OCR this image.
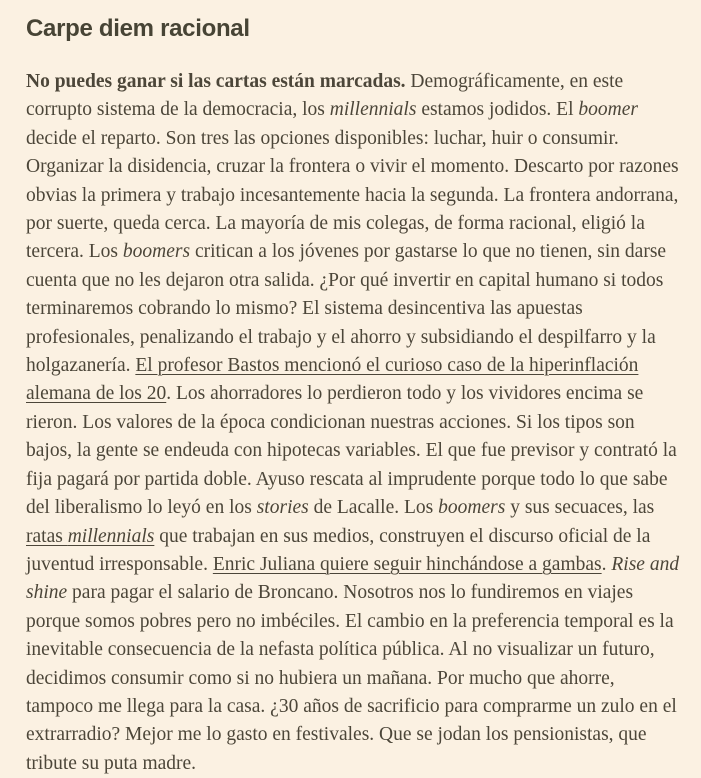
Carpe diem racional

No puedes ganar si las cartas están marcadas. Demográficamente, en este corrupto sistema de la democracia, los millennials estamos jodidos. El boomer decide el reparto. Son tres las opciones disponibles: luchar, huir o consumir. Organizar la disidencia, cruzar la frontera o vivir el momento. Descarto por razones obvias la primera y trabajo incesantemente hacia la segunda. La frontera andorrana, por suerte, queda cerca. La mayoría de mis colegas, de forma racional, eligió la tercera. Los boomers critican a los jóvenes por gastarse lo que no tienen, sin darse cuenta que no les dejaron otra salida. ¿Por qué invertir en capital humano si todos terminaremos cobrando lo mismo? El sistema desincentiva las apuestas profesionales, penalizando el trabajo y el ahorro y subsidiando el despilfarro y la holgazanería. El profesor Bastos mencionó el curioso caso de la hiperinflación alemana de los 20. Los ahorradores lo perdieron todo y los vividores encima se rieron. Los valores de la época condicionan nuestras acciones. Si los tipos son bajos, la gente se endeuda con hipotecas variables. El que fue previsor y contrató la fija pagará por partida doble. Ayuso rescata al imprudente porque todo lo que sabe del liberalismo lo leyó en los stories de Lacalle. Los boomers y sus secuaces, las ratas millennials que trabajan en sus medios, construyen el discurso oficial de la juventud irresponsable. Enric Juliana quiere seguir hinchándose a gambas. Rise and shine para pagar el salario de Broncano. Nosotros nos lo fundiremos en viajes porque somos pobres pero no imbéciles. El cambio en la preferencia temporal es la inevitable consecuencia de la nefasta política pública. Al no visualizar un futuro, decidimos consumir como si no hubiera un mañana. Por mucho que ahorre, tampoco me llega para la casa. ¿30 años de sacrificio para comprarme un zulo en el extrarradio? Mejor me lo gasto en festivales. Que se jodan los pensionistas, que tribute su puta madre.
